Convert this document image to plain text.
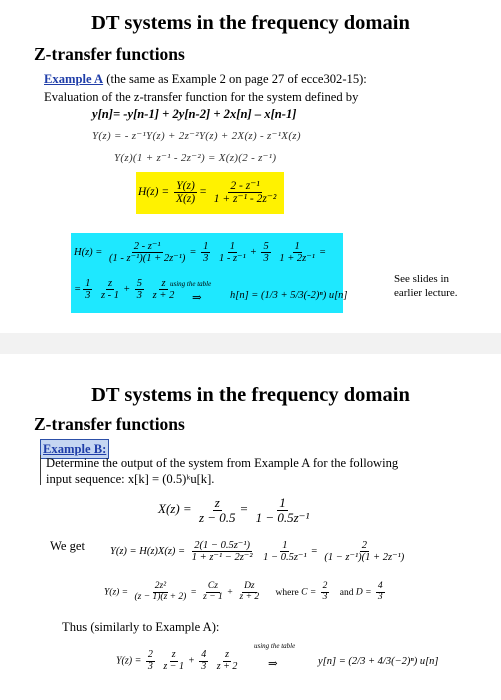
DT systems in the frequency domain
Z-transfer functions
Example A (the same as Example 2 on page 27 of ecce302-15):
Evaluation of the z-transfer function for the system defined by
y[n]= -y[n-1] + 2y[n-2] + 2x[n] – x[n-1]
Y(z) = - z⁻¹Y(z) + 2z⁻²Y(z) + 2X(z) - z⁻¹X(z)
Y(z)(1 + z⁻¹ - 2z⁻²) = X(z)(2 - z⁻¹)
$H(z) = \frac{Y(z)}{X(z)} = \frac{\text{2 - z⁻¹}}{\text{1 + z⁻¹ - 2z⁻²}}$
$H(z) = \frac{\text{2 - z⁻¹}}{\text{(1 - z⁻¹)(1 + 2z⁻¹)}} = \frac{1}{3}$
$\frac{1}{\text{1 - z⁻¹}} + \frac{5}{3}$
$\frac{1}{\text{1 + 2z⁻¹}}$ =
= $\frac{1}{3}$
$\frac{z}{z - 1} + \frac{5}{3}$
$\frac{z}{z + 2}$
using the table
⇒	h[n] = (1/3 + 5/3(-2)ⁿ) u[n]
See slides in
earlier lecture.
DT systems in the frequency domain
Z-transfer functions
Example B:
Determine the output of the system from Example A for the following
input sequence: x[k] = (0.5)ᵏu[k].
$X(z) = \frac{z}{z - 0.5} = \frac{1}{\text{1 − 0.5z⁻¹}}$
We get $Y(z) = H(z)X(z) = \frac{\text{2(1 − 0.5z⁻¹)}}{\text{1 + z⁻¹ − 2z⁻²}}$
$\frac{1}{\text{1 − 0.5z⁻¹}} = \frac{2}{\text{(1 − z⁻¹)(1 + 2z⁻¹)}}$
$Y(z) = \frac{\text{2z²}}{(z - 1)(z + 2)} = \frac{Cz}{z - 1} + \frac{Dz}{z + 2}$ where $C = \frac{2}{3}$ and $D = \frac{4}{3}$
Thus (similarly to Example A):
$Y(z) = \frac{2}{3}$
$\frac{z}{z - 1} + \frac{4}{3}$
$\frac{z}{z + 2}$
using the table
⇒	y[n] = (2/3 + 4/3(−2)ⁿ) u[n]
